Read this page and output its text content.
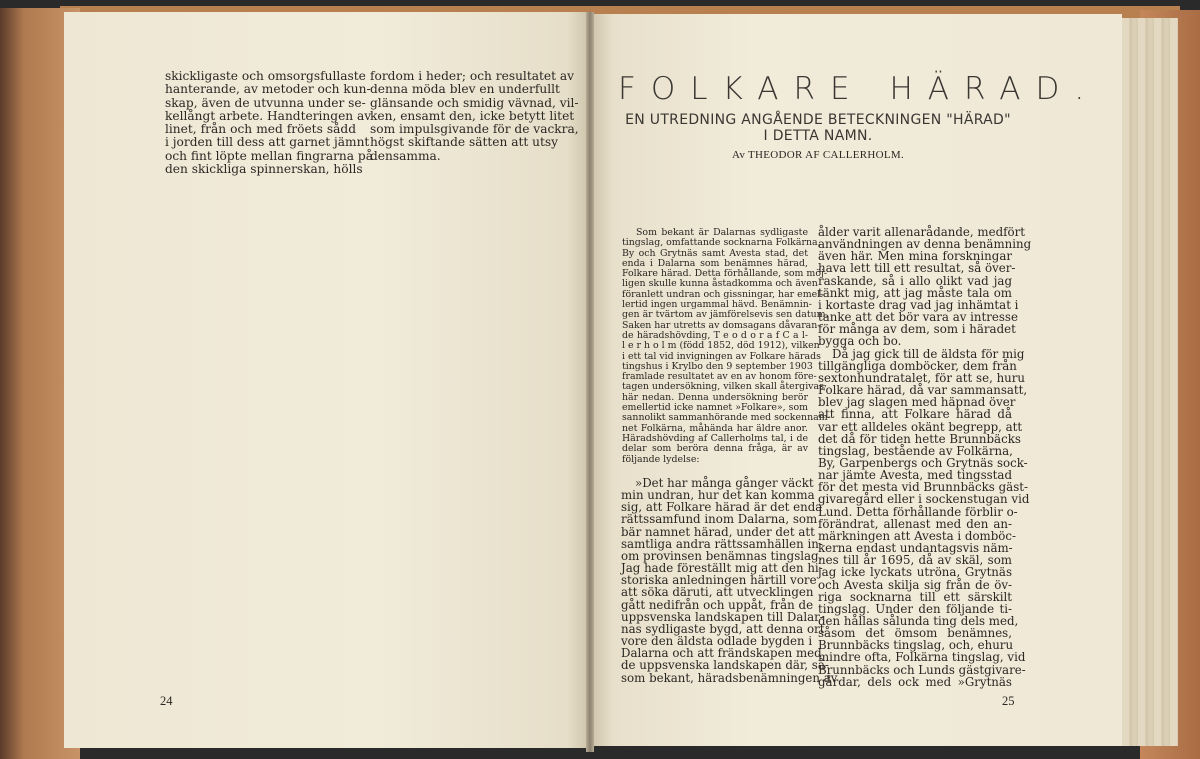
skickligaste och omsorgsfullaste
hanterande, av metoder och kun-
skap, även de utvunna under se-
kellångt arbete. Handteringen av
linet, från och med fröets sådd
i jorden till dess att garnet jämnt
och fint löpte mellan fingrarna på
den skickliga spinnerskan, hölls
fordom i heder; och resultatet av
denna möda blev en underfullt
glänsande och smidig vävnad, vil-
ken, ensamt den, icke betytt litet
som impulsgivande för de vackra,
högst skiftande sätten att utsy
densamma.
24
FOLKARE HÄRAD.
EN UTREDNING ANGÅENDE BETECKNINGEN "HÄRAD"
I DETTA NAMN.
Av THEODOR AF CALLERHOLM.
Som bekant är Dalarnas sydligaste
tingslag, omfattande socknarna Folkärna,
By och Grytnäs samt Avesta stad, det
enda i Dalarna som benämnes härad,
Folkare härad. Detta förhållande, som möj-
ligen skulle kunna åstadkomma och även
föranlett undran och gissningar, har emel-
lertid ingen urgammal hävd. Benämnin-
gen är tvärtom av jämförelsevis sen datum.
Saken har utretts av domsagans dåvaran-
de häradshövding, T e o d o r a f C a l-
l e r h o l m (född 1852, död 1912), vilken
i ett tal vid invigningen av Folkare härads
tingshus i Krylbo den 9 september 1903
framlade resultatet av en av honom före-
tagen undersökning, vilken skall återgivas
här nedan. Denna undersökning berör
emellertid icke namnet »Folkare», som
sannolikt sammanhörande med sockennam-
net Folkärna, måhända har äldre anor.
Häradshövding af Callerholms tal, i de
delar som beröra denna fråga, är av
följande lydelse:
»Det har många gånger väckt
min undran, hur det kan komma
sig, att Folkare härad är det enda
rättssamfund inom Dalarna, som
bär namnet härad, under det att
samtliga andra rättssamhällen in-
om provinsen benämnas tingslag.
Jag hade föreställt mig att den hi-
storiska anledningen härtill vore
att söka däruti, att utvecklingen
gått nedifrån och uppåt, från de
uppsvenska landskapen till Dalar-
nas sydligaste bygd, att denna ort
vore den äldsta odlade bygden i
Dalarna och att frändskapen med
de uppsvenska landskapen där, så-
som bekant, häradsbenämningen av
ålder varit allenarådande, medfört
användningen av denna benämning
även här. Men mina forskningar
hava lett till ett resultat, så över-
raskande, så i allo olikt vad jag
tänkt mig, att jag måste tala om
i kortaste drag vad jag inhämtat i
tanke att det bör vara av intresse
för många av dem, som i häradet
bygga och bo.
Då jag gick till de äldsta för mig
tillgängliga domböcker, dem från
sextonhundratalet, för att se, huru
Folkare härad, då var sammansatt,
blev jag slagen med häpnad över
att finna, att Folkare härad då
var ett alldeles okänt begrepp, att
det då för tiden hette Brunnbäcks
tingslag, bestående av Folkärna,
By, Garpenbergs och Grytnäs sock-
nar jämte Avesta, med tingsstad
för det mesta vid Brunnbäcks gäst-
givaregård eller i sockenstugan vid
Lund. Detta förhållande förblir o-
förändrat, allenast med den an-
märkningen att Avesta i domböc-
kerna endast undantagsvis näm-
nes till år 1695, då av skäl, som
jag icke lyckats utröna, Grytnäs
och Avesta skilja sig från de öv-
riga socknarna till ett särskilt
tingslag. Under den följande ti-
den hållas sålunda ting dels med,
såsom det ömsom benämnes,
Brunnbäcks tingslag, och, ehuru
mindre ofta, Folkärna tingslag, vid
Brunnbäcks och Lunds gästgivare-
gårdar, dels ock med »Grytnäs
25
